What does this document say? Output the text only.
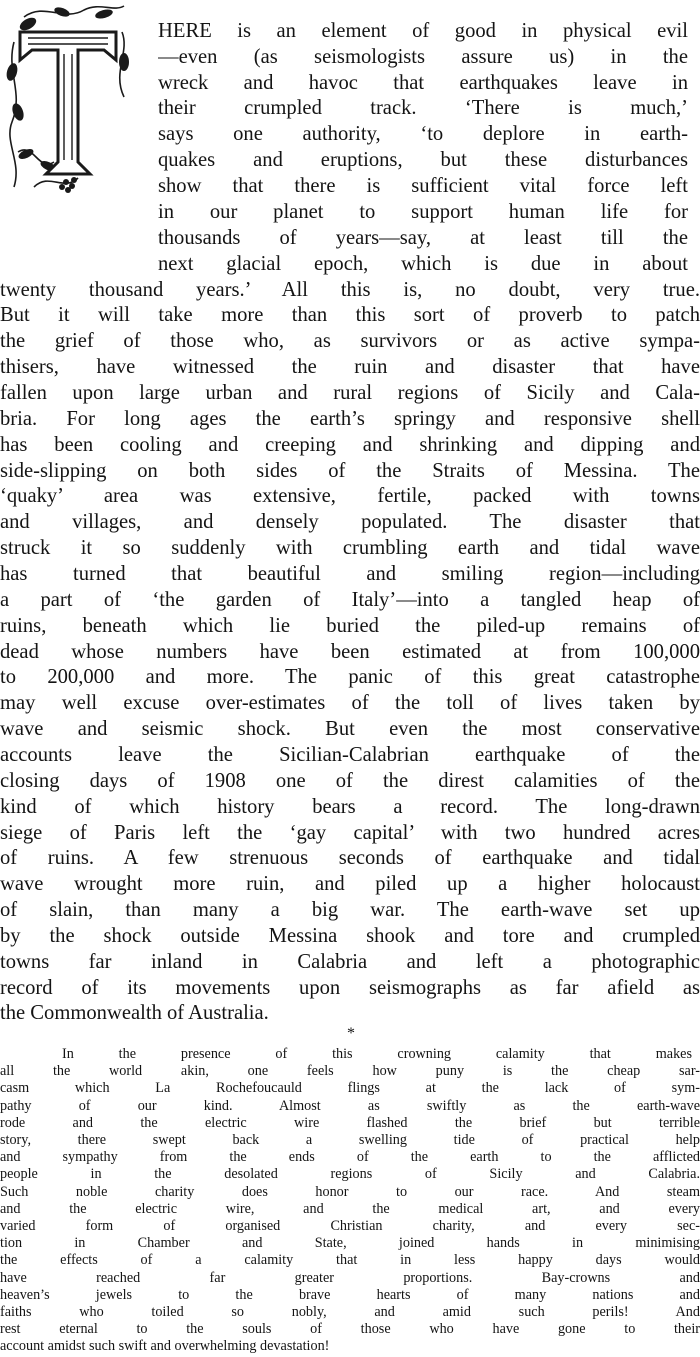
HERE is an element of good in physical evil
—even (as seismologists assure us) in the
wreck and havoc that earthquakes leave in
their crumpled track. ‘There is much,’
says one authority, ‘to deplore in earth-
quakes and eruptions, but these disturbances
show that there is sufficient vital force left
in our planet to support human life for
thousands of years—say, at least till the
next glacial epoch, which is due in about
twenty thousand years.’ All this is, no doubt, very true.
But it will take more than this sort of proverb to patch
the grief of those who, as survivors or as active sympa-
thisers, have witnessed the ruin and disaster that have
fallen upon large urban and rural regions of Sicily and Cala-
bria. For long ages the earth’s springy and responsive shell
has been cooling and creeping and shrinking and dipping and
side-slipping on both sides of the Straits of Messina. The
‘quaky’ area was extensive, fertile, packed with towns
and villages, and densely populated. The disaster that
struck it so suddenly with crumbling earth and tidal wave
has turned that beautiful and smiling region—including
a part of ‘the garden of Italy’—into a tangled heap of
ruins, beneath which lie buried the piled-up remains of
dead whose numbers have been estimated at from 100,000
to 200,000 and more. The panic of this great catastrophe
may well excuse over-estimates of the toll of lives taken by
wave and seismic shock. But even the most conservative
accounts leave the Sicilian-Calabrian earthquake of the
closing days of 1908 one of the direst calamities of the
kind of which history bears a record. The long-drawn
siege of Paris left the ‘gay capital’ with two hundred acres
of ruins. A few strenuous seconds of earthquake and tidal
wave wrought more ruin, and piled up a higher holocaust
of slain, than many a big war. The earth-wave set up
by the shock outside Messina shook and tore and crumpled
towns far inland in Calabria and left a photographic
record of its movements upon seismographs as far afield as
the Commonwealth of Australia.
*
In the presence of this crowning calamity that makes
all the world akin, one feels how puny is the cheap sar-
casm which La Rochefoucauld flings at the lack of sym-
pathy of our kind. Almost as swiftly as the earth-wave
rode and the electric wire flashed the brief but terrible
story, there swept back a swelling tide of practical help
and sympathy from the ends of the earth to the afflicted
people in the desolated regions of Sicily and Calabria.
Such noble charity does honor to our race. And steam
and the electric wire, and the medical art, and every
varied form of organised Christian charity, and every sec-
tion in Chamber and State, joined hands in minimising
the effects of a calamity that in less happy days would
have reached far greater proportions. Bay-crowns and
heaven’s jewels to the brave hearts of many nations and
faiths who toiled so nobly, and amid such perils! And
rest eternal to the souls of those who have gone to their
account amidst such swift and overwhelming devastation!
